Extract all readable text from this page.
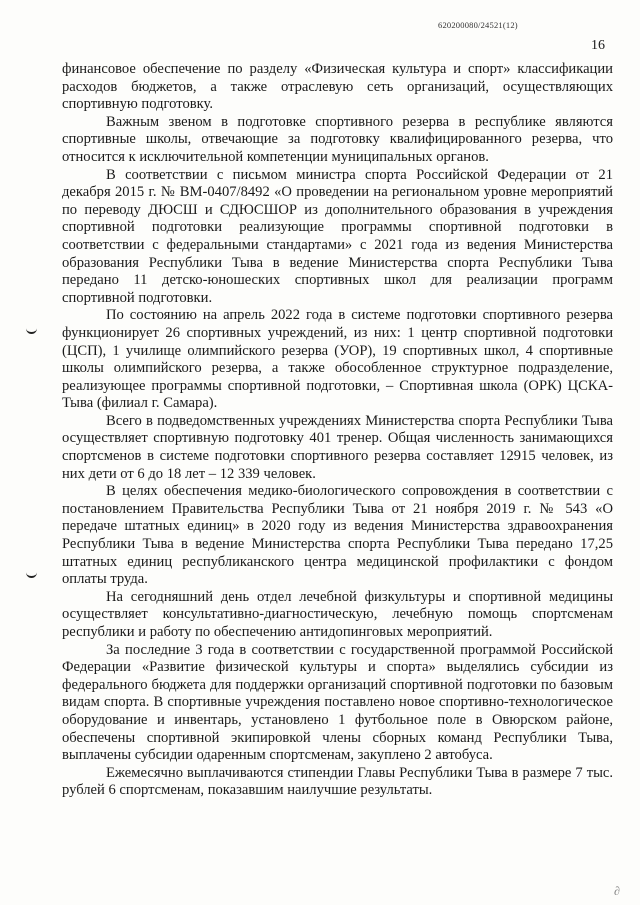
620200080/24521(12)
16

финансовое обеспечение по разделу «Физическая культура и спорт» классификации расходов бюджетов, а также отраслевую сеть организаций, осуществляющих спортивную подготовку.

Важным звеном в подготовке спортивного резерва в республике являются спортивные школы, отвечающие за подготовку квалифицированного резерва, что относится к исключительной компетенции муниципальных органов.

В соответствии с письмом министра спорта Российской Федерации от 21 декабря 2015 г. № ВМ-0407/8492 «О проведении на региональном уровне мероприятий по переводу ДЮСШ и СДЮСШОР из дополнительного образования в учреждения спортивной подготовки реализующие программы спортивной подготовки в соответствии с федеральными стандартами» с 2021 года из ведения Министерства образования Республики Тыва в ведение Министерства спорта Республики Тыва передано 11 детско-юношеских спортивных школ для реализации программ спортивной подготовки.

По состоянию на апрель 2022 года в системе подготовки спортивного резерва функционирует 26 спортивных учреждений, из них: 1 центр спортивной подготовки (ЦСП), 1 училище олимпийского резерва (УОР), 19 спортивных школ, 4 спортивные школы олимпийского резерва, а также обособленное структурное подразделение, реализующее программы спортивной подготовки, – Спортивная школа (ОРК) ЦСКА-Тыва (филиал г. Самара).

Всего в подведомственных учреждениях Министерства спорта Республики Тыва осуществляет спортивную подготовку 401 тренер. Общая численность занимающихся спортсменов в системе подготовки спортивного резерва составляет 12915 человек, из них дети от 6 до 18 лет – 12 339 человек.

В целях обеспечения медико-биологического сопровождения в соответствии с постановлением Правительства Республики Тыва от 21 ноября 2019 г. № 543 «О передаче штатных единиц» в 2020 году из ведения Министерства здравоохранения Республики Тыва в ведение Министерства спорта Республики Тыва передано 17,25 штатных единиц республиканского центра медицинской профилактики с фондом оплаты труда.

На сегодняшний день отдел лечебной физкультуры и спортивной медицины осуществляет консультативно-диагностическую, лечебную помощь спортсменам республики и работу по обеспечению антидопинговых мероприятий.

За последние 3 года в соответствии с государственной программой Российской Федерации «Развитие физической культуры и спорта» выделялись субсидии из федерального бюджета для поддержки организаций спортивной подготовки по базовым видам спорта. В спортивные учреждения поставлено новое спортивно-технологическое оборудование и инвентарь, установлено 1 футбольное поле в Овюрском районе, обеспечены спортивной экипировкой члены сборных команд Республики Тыва, выплачены субсидии одаренным спортсменам, закуплено 2 автобуса.

Ежемесячно выплачиваются стипендии Главы Республики Тыва в размере 7 тыс. рублей 6 спортсменам, показавшим наилучшие результаты.

∂
